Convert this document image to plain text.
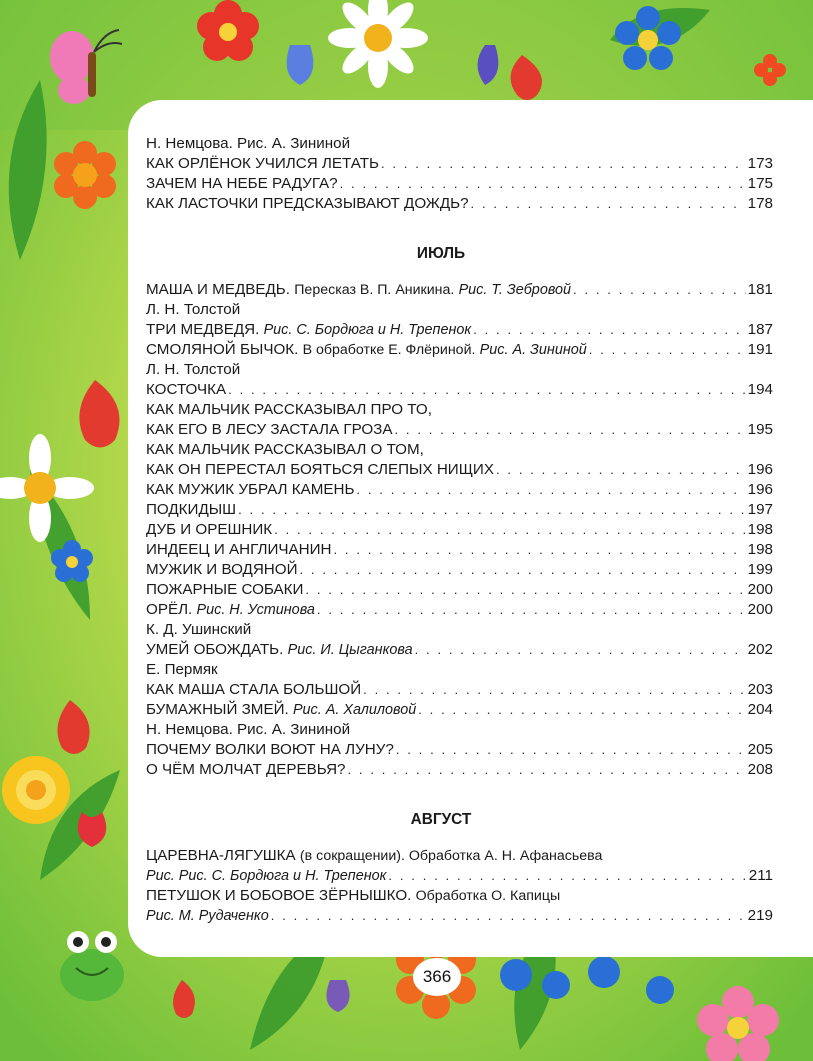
Н. Немцова. Рис. А. Зининой
КАК ОРЛЁНОК УЧИЛСЯ ЛЕТАТЬ . . .	173
ЗАЧЕМ НА НЕБЕ РАДУГА? . . .	175
КАК ЛАСТОЧКИ ПРЕДСКАЗЫВАЮТ ДОЖДЬ? . . .	178
ИЮЛЬ
МАША И МЕДВЕДЬ. Пересказ В. П. Аникина. Рис. Т. Зебровой . . .	181
Л. Н. Толстой
ТРИ МЕДВЕДЯ. Рис. С. Бордюга и Н. Трепенок . . .	187
СМОЛЯНОЙ БЫЧОК. В обработке Е. Флёриной. Рис. А. Зининой . . .	191
Л. Н. Толстой
КОСТОЧКА . . .	194
КАК МАЛЬЧИК РАССКАЗЫВАЛ ПРО ТО,
КАК ЕГО В ЛЕСУ ЗАСТАЛА ГРОЗА . . .	195
КАК МАЛЬЧИК РАССКАЗЫВАЛ О ТОМ,
КАК ОН ПЕРЕСТАЛ БОЯТЬСЯ СЛЕПЫХ НИЩИХ . . .	196
КАК МУЖИК УБРАЛ КАМЕНЬ . . .	196
ПОДКИДЫШ . . .	197
ДУБ И ОРЕШНИК . . .	198
ИНДЕЕЦ И АНГЛИЧАНИН . . .	198
МУЖИК И ВОДЯНОЙ . . .	199
ПОЖАРНЫЕ СОБАКИ . . .	200
ОРЁЛ. Рис. Н. Устинова . . .	200
К. Д. Ушинский
УМЕЙ ОБОЖДАТЬ. Рис. И. Цыганкова . . .	202
Е. Пермяк
КАК МАША СТАЛА БОЛЬШОЙ . . .	203
БУМАЖНЫЙ ЗМЕЙ. Рис. А. Халиловой . . .	204
Н. Немцова. Рис. А. Зининой
ПОЧЕМУ ВОЛКИ ВОЮТ НА ЛУНУ? . . .	205
О ЧЁМ МОЛЧАТ ДЕРЕВЬЯ? . . .	208
АВГУСТ
ЦАРЕВНА-ЛЯГУШКА (в сокращении). Обработка А. Н. Афанасьева
Рис. Рис. С. Бордюга и Н. Трепенок . . .	211
ПЕТУШОК И БОБОВОЕ ЗЁРНЫШКО. Обработка О. Капицы
Рис. М. Рудаченко . . .	219
366
